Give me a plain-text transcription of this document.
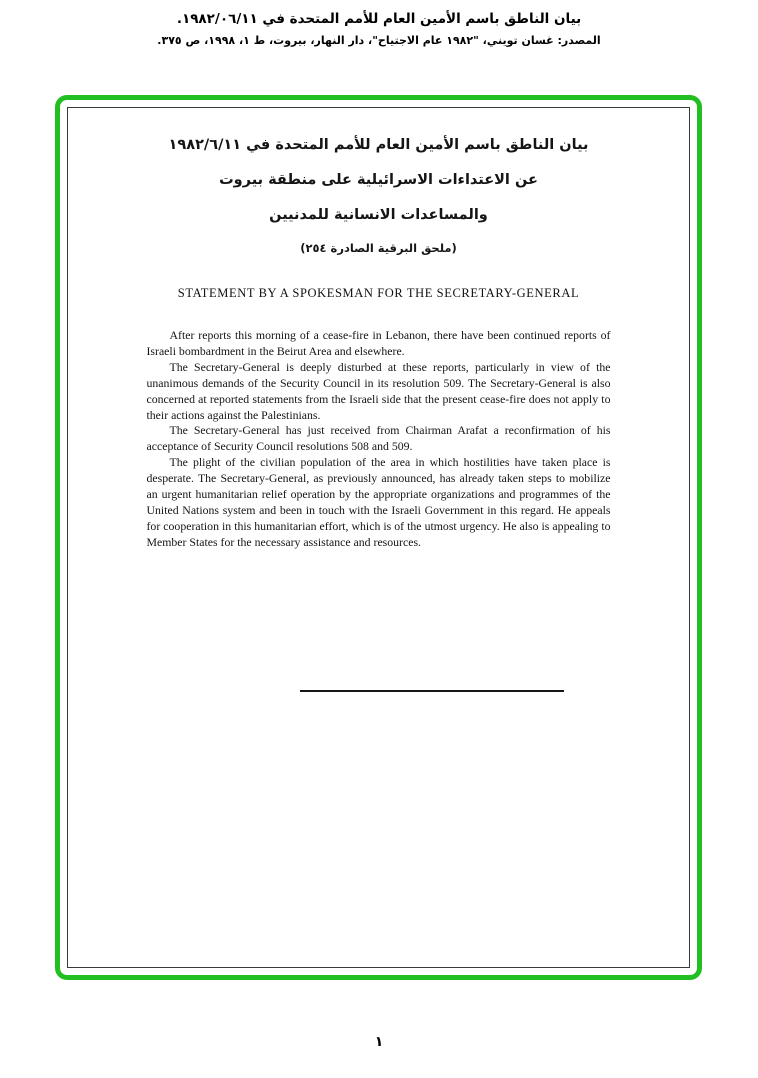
بيان الناطق باسم الأمين العام للأمم المتحدة في ١٩٨٢/٠٦/١١.
المصدر: غسان تويني، "١٩٨٢ عام الاجتياح"، دار النهار، بيروت، ط ١، ١٩٩٨، ص ٣٧٥.
بيان الناطق باسم الأمين العام للأمم المتحدة في ١٩٨٢/٦/١١
عن الاعتداءات الاسرائيلية على منطقة بيروت
والمساعدات الانسانية للمدنيين
(ملحق البرقية الصادرة ٢٥٤)
STATEMENT BY A SPOKESMAN FOR THE SECRETARY-GENERAL

After reports this morning of a cease-fire in Lebanon, there have been continued reports of Israeli bombardment in the Beirut Area and elsewhere.

The Secretary-General is deeply disturbed at these reports, particularly in view of the unanimous demands of the Security Council in its resolution 509. The Secretary-General is also concerned at reported statements from the Israeli side that the present cease-fire does not apply to their actions against the Palestinians.

The Secretary-General has just received from Chairman Arafat a reconfirmation of his acceptance of Security Council resolutions 508 and 509.

The plight of the civilian population of the area in which hostilities have taken place is desperate. The Secretary-General, as previously announced, has already taken steps to mobilize an urgent humanitarian relief operation by the appropriate organizations and programmes of the United Nations system and been in touch with the Israeli Government in this regard. He appeals for cooperation in this humanitarian effort, which is of the utmost urgency. He also is appealing to Member States for the necessary assistance and resources.

١
